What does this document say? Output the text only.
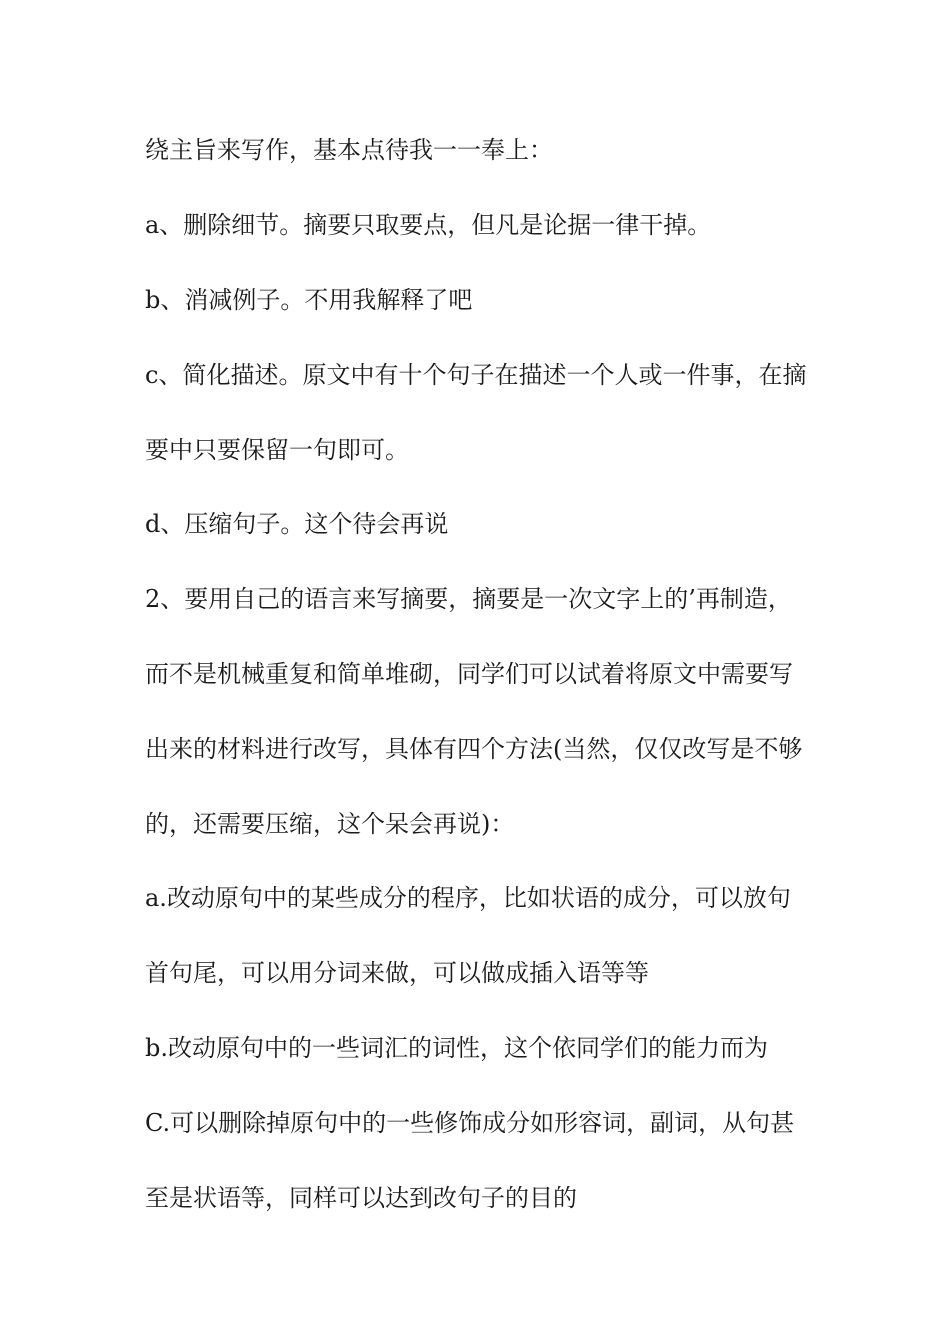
绕主旨来写作，基本点待我一一奉上：

a、删除细节。摘要只取要点，但凡是论据一律干掉。

b、消减例子。不用我解释了吧

c、简化描述。原文中有十个句子在描述一个人或一件事，在摘

要中只要保留一句即可。

d、压缩句子。这个待会再说

2、要用自己的语言来写摘要，摘要是一次文字上的’再制造，

而不是机械重复和简单堆砌，同学们可以试着将原文中需要写

出来的材料进行改写，具体有四个方法(当然，仅仅改写是不够

的，还需要压缩，这个呆会再说)：

a.改动原句中的某些成分的程序，比如状语的成分，可以放句

首句尾，可以用分词来做，可以做成插入语等等

b.改动原句中的一些词汇的词性，这个依同学们的能力而为

C.可以删除掉原句中的一些修饰成分如形容词，副词，从句甚

至是状语等，同样可以达到改句子的目的
